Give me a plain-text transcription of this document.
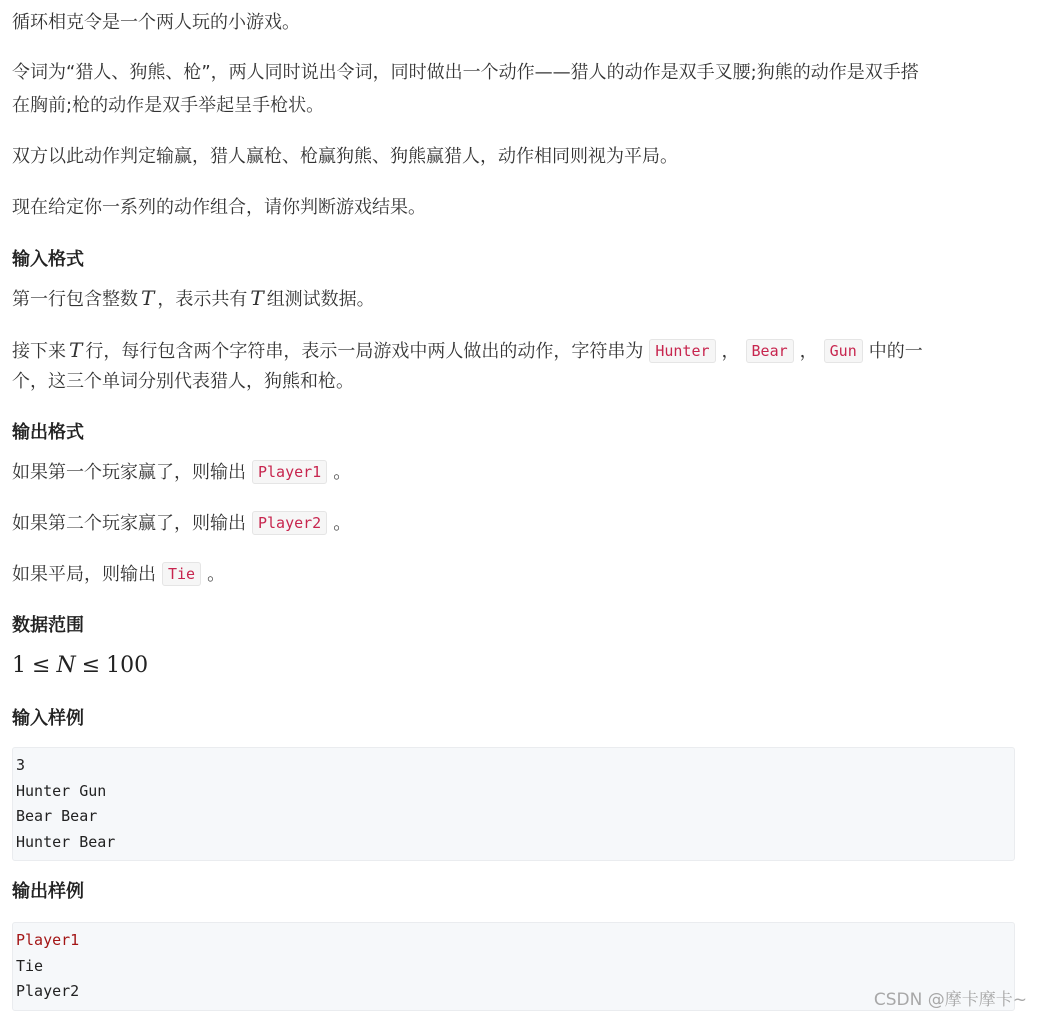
循环相克令是一个两人玩的小游戏。
令词为“猎人、狗熊、枪”，两人同时说出令词，同时做出一个动作——猎人的动作是双手叉腰;狗熊的动作是双手搭
在胸前;枪的动作是双手举起呈手枪状。
双方以此动作判定输赢，猎人赢枪、枪赢狗熊、狗熊赢猎人，动作相同则视为平局。
现在给定你一系列的动作组合，请你判断游戏结果。
输入格式
第一行包含整数 T ，表示共有 T 组测试数据。
接下来 T 行，每行包含两个字符串，表示一局游戏中两人做出的动作，字符串为 Hunter ， Bear ， Gun 中的一
个，这三个单词分别代表猎人，狗熊和枪。
输出格式
如果第一个玩家赢了，则输出 Player1 。
如果第二个玩家赢了，则输出 Player2 。
如果平局，则输出 Tie 。
数据范围
1 ≤ N ≤ 100
输入样例
3
Hunter Gun
Bear Bear
Hunter Bear
输出样例
Player1
Tie
Player2	CSDN @摩卡摩卡~
